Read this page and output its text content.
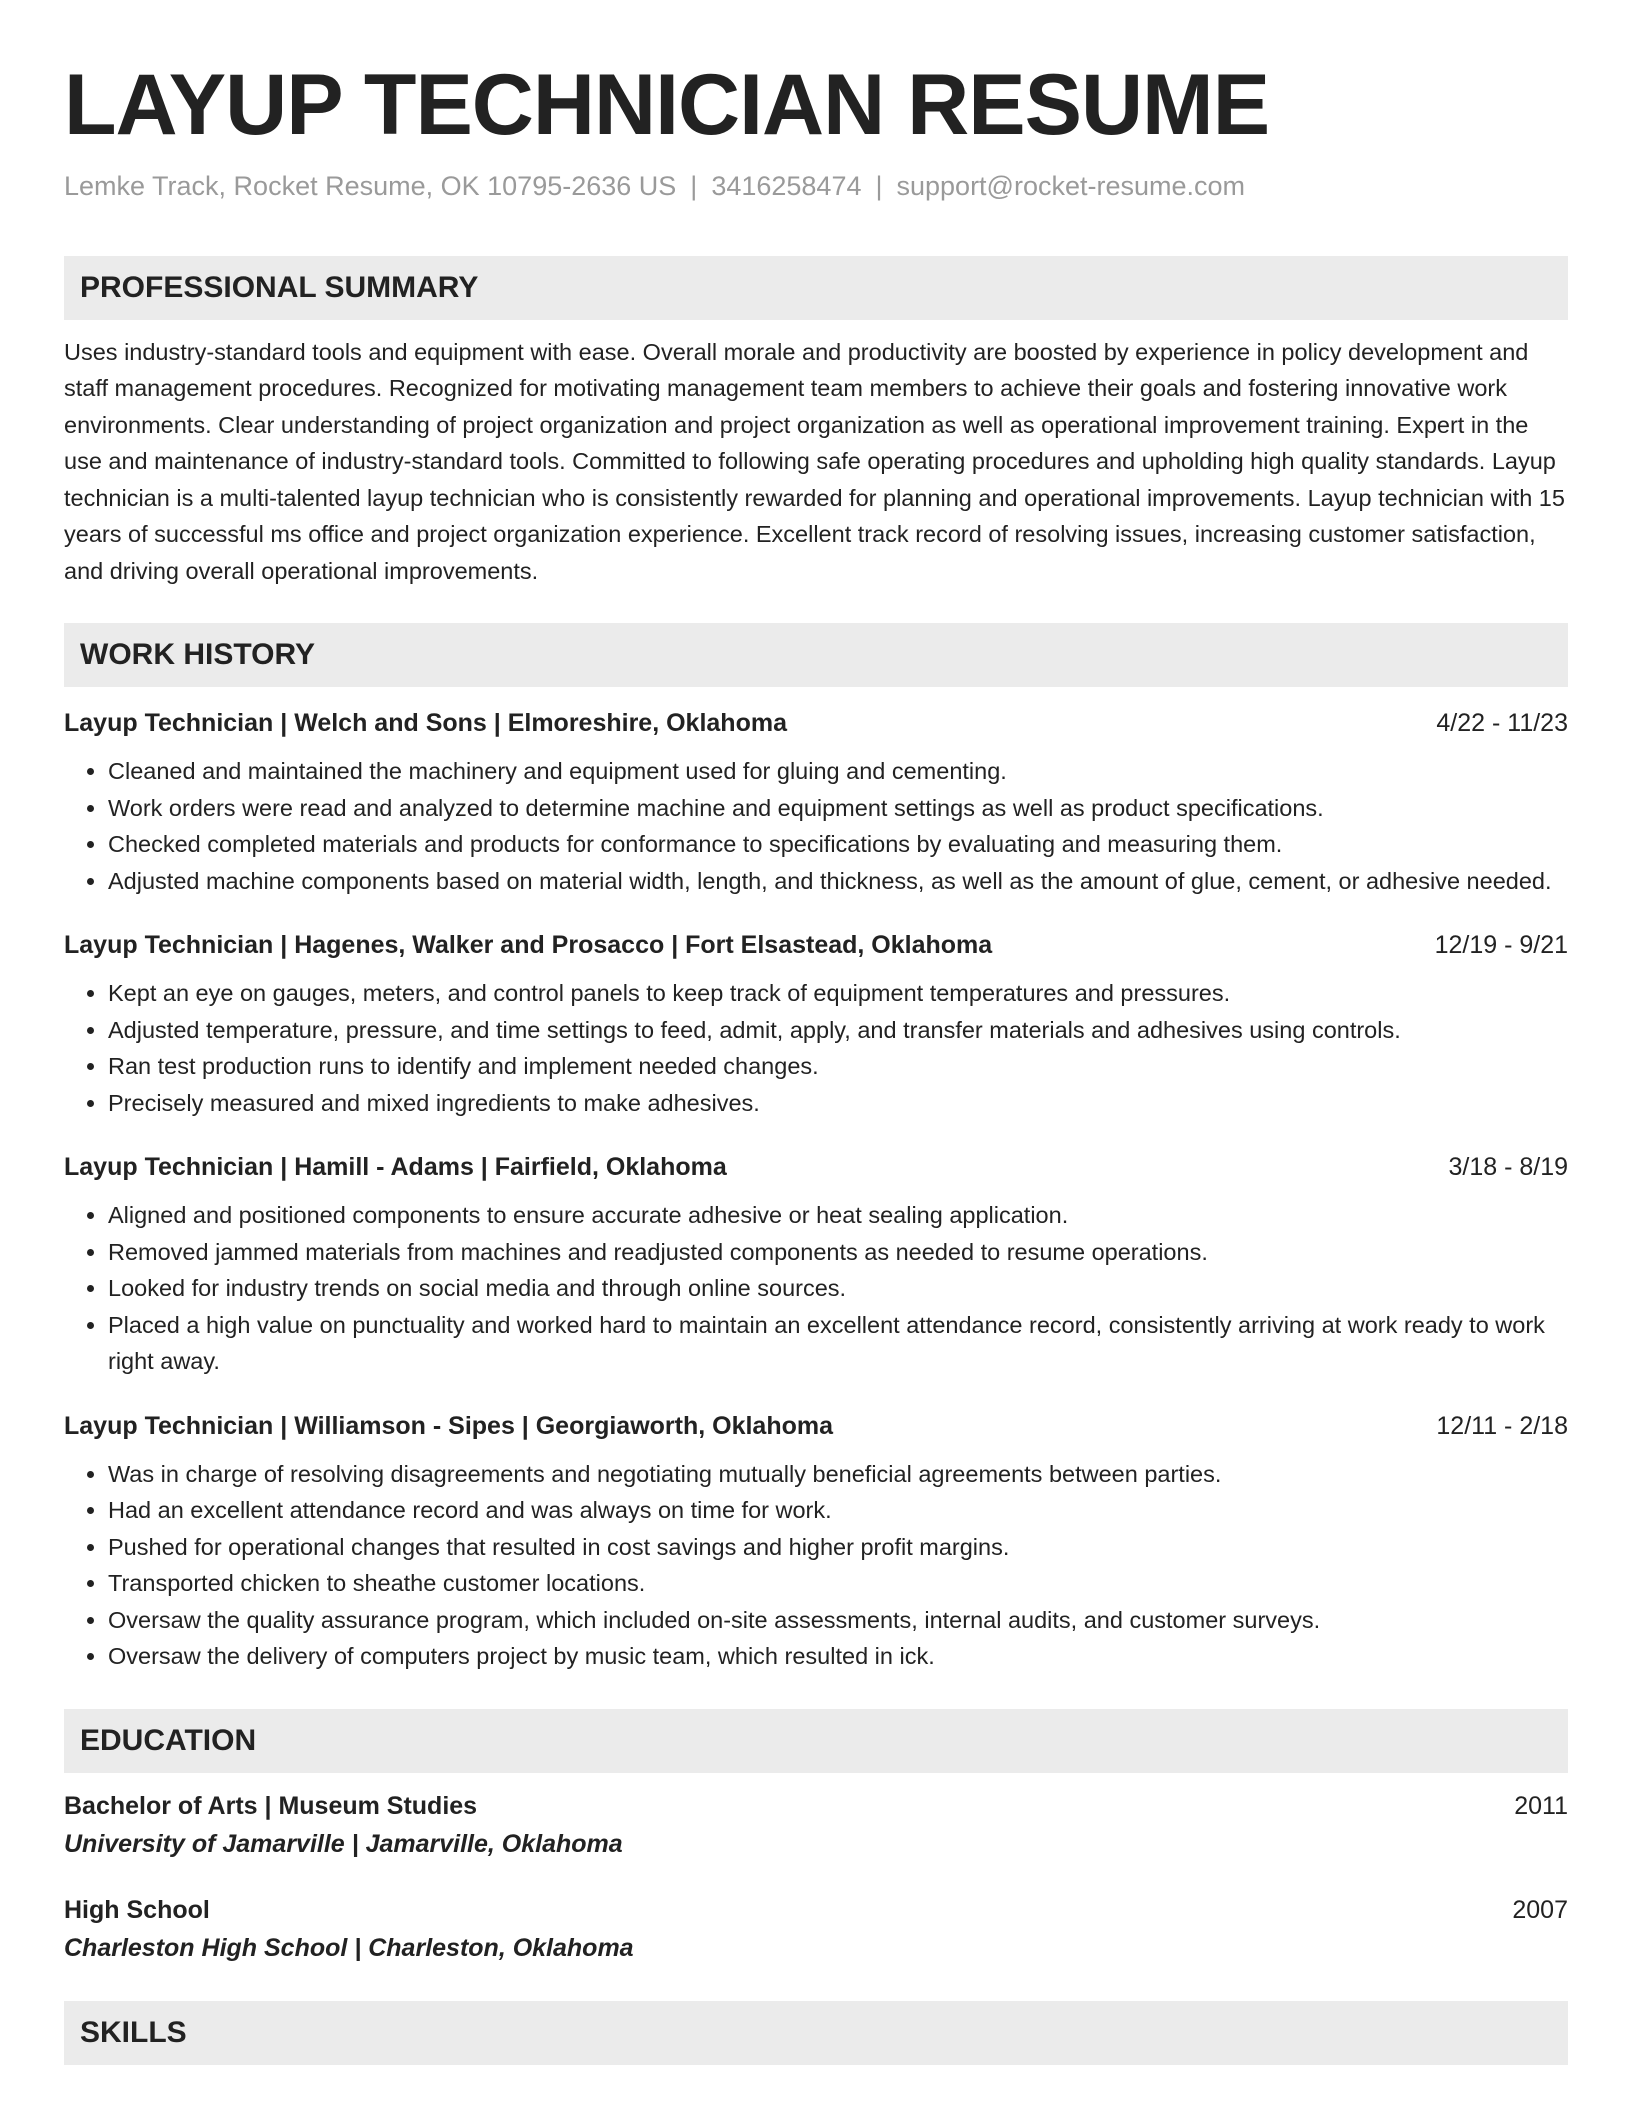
LAYUP TECHNICIAN RESUME
Lemke Track, Rocket Resume, OK 10795-2636 US | 3416258474 | support@rocket-resume.com
PROFESSIONAL SUMMARY
Uses industry-standard tools and equipment with ease. Overall morale and productivity are boosted by experience in policy development and staff management procedures. Recognized for motivating management team members to achieve their goals and fostering innovative work environments. Clear understanding of project organization and project organization as well as operational improvement training. Expert in the use and maintenance of industry-standard tools. Committed to following safe operating procedures and upholding high quality standards. Layup technician is a multi-talented layup technician who is consistently rewarded for planning and operational improvements. Layup technician with 15 years of successful ms office and project organization experience. Excellent track record of resolving issues, increasing customer satisfaction, and driving overall operational improvements.
WORK HISTORY
Layup Technician | Welch and Sons | Elmoreshire, Oklahoma	4/22 - 11/23
• Cleaned and maintained the machinery and equipment used for gluing and cementing.
• Work orders were read and analyzed to determine machine and equipment settings as well as product specifications.
• Checked completed materials and products for conformance to specifications by evaluating and measuring them.
• Adjusted machine components based on material width, length, and thickness, as well as the amount of glue, cement, or adhesive needed.
Layup Technician | Hagenes, Walker and Prosacco | Fort Elsastead, Oklahoma	12/19 - 9/21
• Kept an eye on gauges, meters, and control panels to keep track of equipment temperatures and pressures.
• Adjusted temperature, pressure, and time settings to feed, admit, apply, and transfer materials and adhesives using controls.
• Ran test production runs to identify and implement needed changes.
• Precisely measured and mixed ingredients to make adhesives.
Layup Technician | Hamill - Adams | Fairfield, Oklahoma	3/18 - 8/19
• Aligned and positioned components to ensure accurate adhesive or heat sealing application.
• Removed jammed materials from machines and readjusted components as needed to resume operations.
• Looked for industry trends on social media and through online sources.
• Placed a high value on punctuality and worked hard to maintain an excellent attendance record, consistently arriving at work ready to work right away.
Layup Technician | Williamson - Sipes | Georgiaworth, Oklahoma	12/11 - 2/18
• Was in charge of resolving disagreements and negotiating mutually beneficial agreements between parties.
• Had an excellent attendance record and was always on time for work.
• Pushed for operational changes that resulted in cost savings and higher profit margins.
• Transported chicken to sheathe customer locations.
• Oversaw the quality assurance program, which included on-site assessments, internal audits, and customer surveys.
• Oversaw the delivery of computers project by music team, which resulted in ick.
EDUCATION
Bachelor of Arts | Museum Studies	2011
University of Jamarville | Jamarville, Oklahoma
High School	2007
Charleston High School | Charleston, Oklahoma
SKILLS
